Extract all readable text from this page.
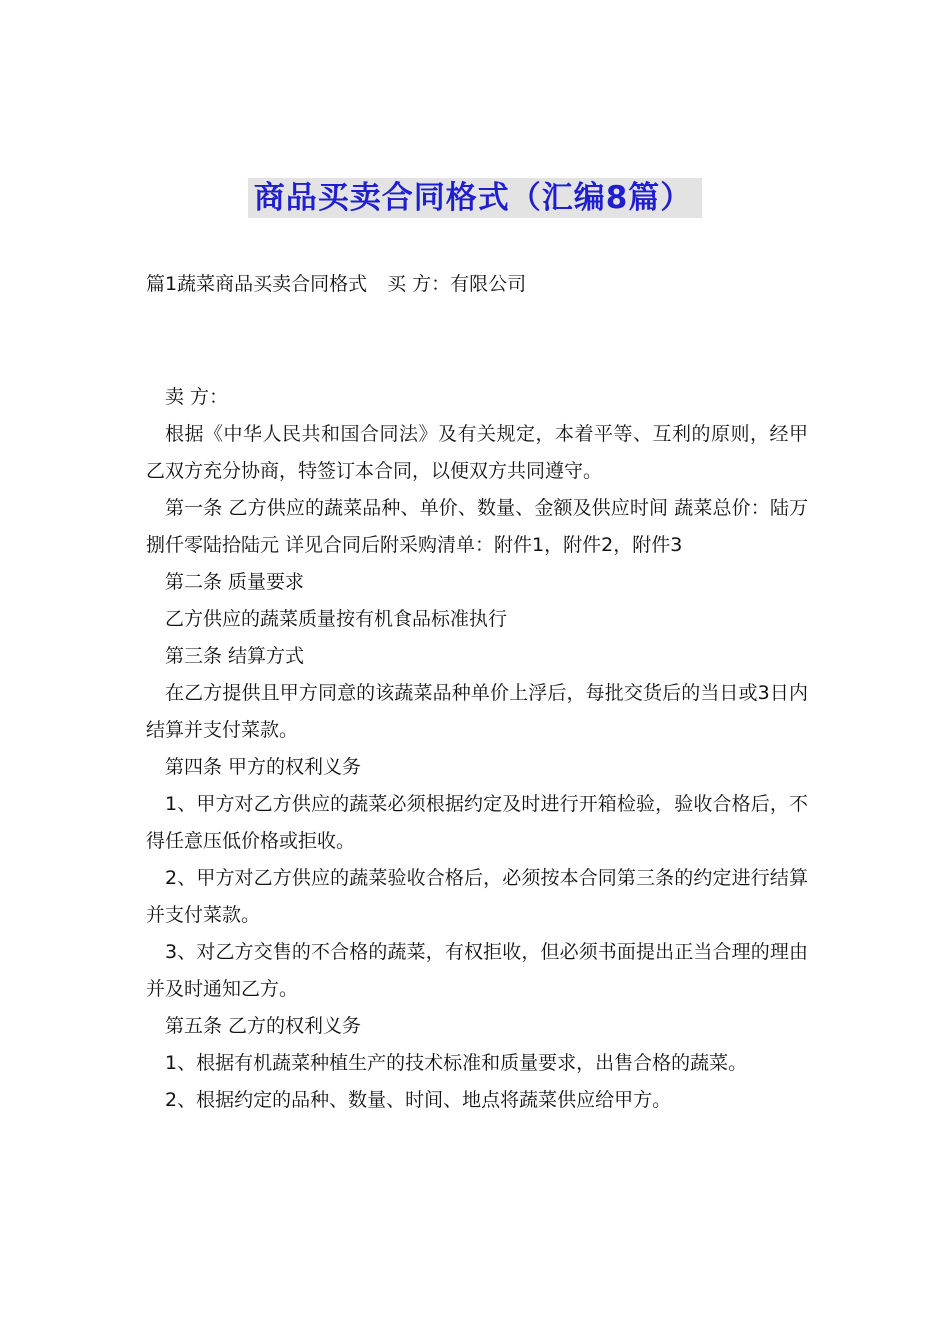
商品买卖合同格式（汇编8篇）
篇1蔬菜商品买卖合同格式 买 方：有限公司

卖 方：

根据《中华人民共和国合同法》及有关规定，本着平等、互利的原则，经甲乙双方充分协商，特签订本合同，以便双方共同遵守。

第一条 乙方供应的蔬菜品种、单价、数量、金额及供应时间 蔬菜总价：陆万捌仟零陆拾陆元 详见合同后附采购清单：附件1，附件2，附件3

第二条 质量要求

乙方供应的蔬菜质量按有机食品标准执行

第三条 结算方式

在乙方提供且甲方同意的该蔬菜品种单价上浮后，每批交货后的当日或3日内结算并支付菜款。

第四条 甲方的权利义务

1、甲方对乙方供应的蔬菜必须根据约定及时进行开箱检验，验收合格后，不得任意压低价格或拒收。

2、甲方对乙方供应的蔬菜验收合格后，必须按本合同第三条的约定进行结算并支付菜款。

3、对乙方交售的不合格的蔬菜，有权拒收，但必须书面提出正当合理的理由并及时通知乙方。

第五条 乙方的权利义务

1、根据有机蔬菜种植生产的技术标准和质量要求，出售合格的蔬菜。

2、根据约定的品种、数量、时间、地点将蔬菜供应给甲方。
